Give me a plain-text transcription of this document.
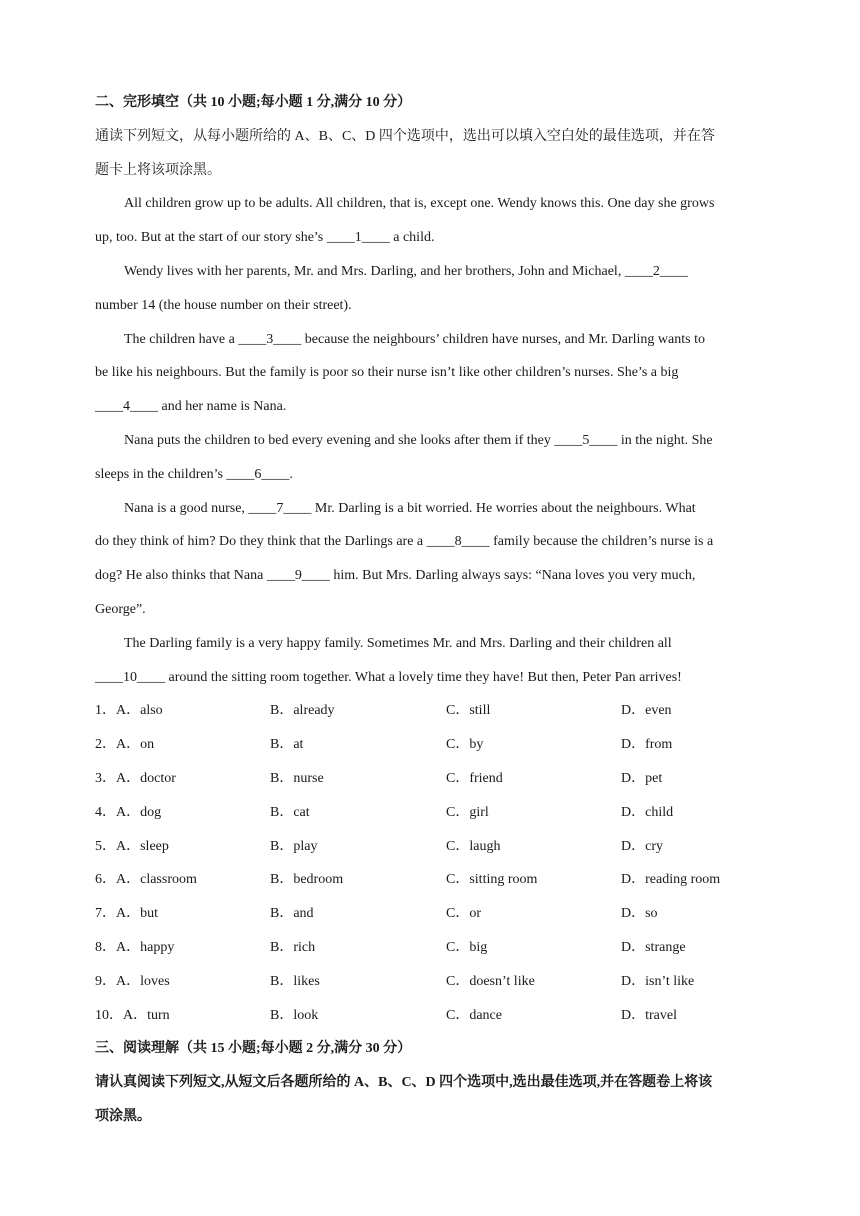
二、完形填空（共 10 小题;每小题 1 分,满分 10 分）
通读下列短文，从每小题所给的 A、B、C、D 四个选项中，选出可以填入空白处的最佳选项，并在答
题卡上将该项涂黑。
All children grow up to be adults. All children, that is, except one. Wendy knows this. One day she grows
up, too. But at the start of our story she’s ____1____ a child.
Wendy lives with her parents, Mr. and Mrs. Darling, and her brothers, John and Michael, ____2____
number 14 (the house number on their street).
The children have a ____3____ because the neighbours’ children have nurses, and Mr. Darling wants to
be like his neighbours. But the family is poor so their nurse isn’t like other children’s nurses. She’s a big
____4____ and her name is Nana.
Nana puts the children to bed every evening and she looks after them if they ____5____ in the night. She
sleeps in the children’s ____6____.
Nana is a good nurse, ____7____ Mr. Darling is a bit worried. He worries about the neighbours. What
do they think of him? Do they think that the Darlings are a ____8____ family because the children’s nurse is a
dog? He also thinks that Nana ____9____ him. But Mrs. Darling always says: “Nana loves you very much,
George”.
The Darling family is a very happy family. Sometimes Mr. and Mrs. Darling and their children all
____10____ around the sitting room together. What a lovely time they have! But then, Peter Pan arrives!
1．A．also	B．already	C．still	D．even
2．A．on	B．at	C．by	D．from
3．A．doctor	B．nurse	C．friend	D．pet
4．A．dog	B．cat	C．girl	D．child
5．A．sleep	B．play	C．laugh	D．cry
6．A．classroom	B．bedroom	C．sitting room	D．reading room
7．A．but	B．and	C．or	D．so
8．A．happy	B．rich	C．big	D．strange
9．A．loves	B．likes	C．doesn’t like	D．isn’t like
10．A．turn	B．look	C．dance	D．travel
三、阅读理解（共 15 小题;每小题 2 分,满分 30 分）
请认真阅读下列短文,从短文后各题所给的 A、B、C、D 四个选项中,选出最佳选项,并在答题卷上将该
项涂黑。
